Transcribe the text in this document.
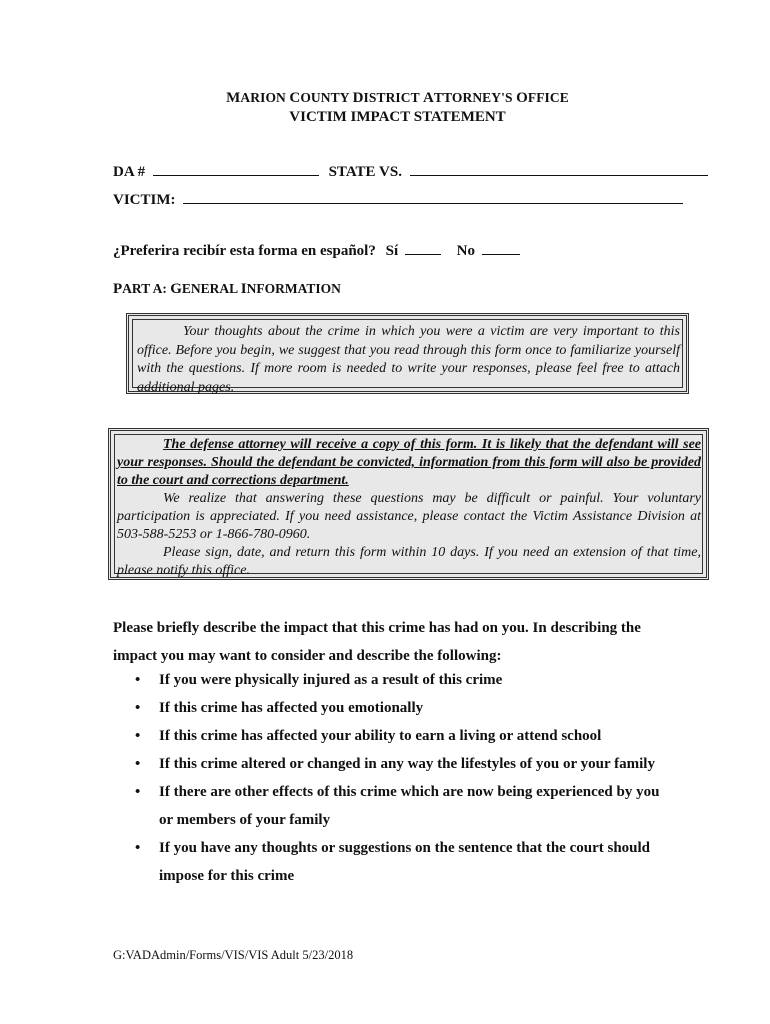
MARION COUNTY DISTRICT ATTORNEY'S OFFICE
VICTIM IMPACT STATEMENT
DA #	STATE VS.
VICTIM:
¿Preferira recibír esta forma en español? Sí	No
PART A: GENERAL INFORMATION

Your thoughts about the crime in which you were a victim are very important to this office. Before you begin, we suggest that you read through this form once to familiarize yourself with the questions. If more room is needed to write your responses, please feel free to attach additional pages.

The defense attorney will receive a copy of this form. It is likely that the defendant will see your responses. Should the defendant be convicted, information from this form will also be provided to the court and corrections department.

We realize that answering these questions may be difficult or painful. Your voluntary participation is appreciated. If you need assistance, please contact the Victim Assistance Division at 503-588-5253 or 1-866-780-0960.

Please sign, date, and return this form within 10 days. If you need an extension of that time, please notify this office.

Please briefly describe the impact that this crime has had on you. In describing the impact you may want to consider and describe the following:
• If you were physically injured as a result of this crime
• If this crime has affected you emotionally
• If this crime has affected your ability to earn a living or attend school
• If this crime altered or changed in any way the lifestyles of you or your family
• If there are other effects of this crime which are now being experienced by you or members of your family
• If you have any thoughts or suggestions on the sentence that the court should impose for this crime
G:VADAdmin/Forms/VIS/VIS Adult 5/23/2018
